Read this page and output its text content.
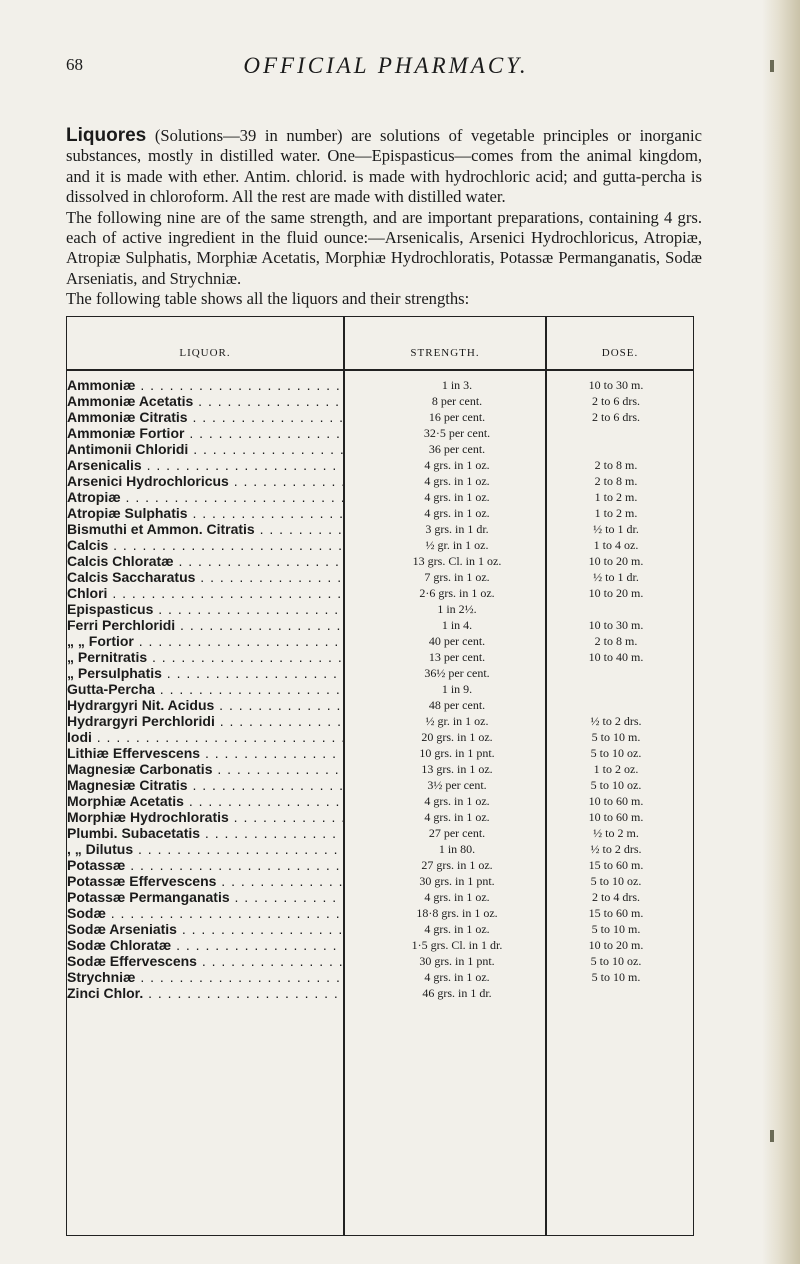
68	OFFICIAL PHARMACY.

Liquores (Solutions—39 in number) are solutions of vegetable principles or inorganic substances, mostly in distilled water. One—Epispasticus—comes from the animal kingdom, and it is made with ether. Antim. chlorid. is made with hydrochloric acid; and gutta-percha is dissolved in chloroform. All the rest are made with distilled water.

The following nine are of the same strength, and are important preparations, containing 4 grs. each of active ingredient in the fluid ounce:—Arsenicalis, Arsenici Hydrochloricus, Atropiæ, Atropiæ Sulphatis, Morphiæ Acetatis, Morphiæ Hydrochloratis, Potassæ Permanganatis, Sodæ Arseniatis, and Strychniæ.

The following table shows all the liquors and their strengths:

LIQUOR.	STRENGTH.	DOSE.
Ammoniæ . . .	1 in 3.	10 to 30 m.
Ammoniæ Acetatis . . .	8 per cent.	2 to 6 drs.
Ammoniæ Citratis . . .	16 per cent.	2 to 6 drs.
Ammoniæ Fortior . . .	32·5 per cent.
Antimonii Chloridi . . .	36 per cent.
Arsenicalis . . .	4 grs. in 1 oz.	2 to 8 m.
Arsenici Hydrochloricus . . .	4 grs. in 1 oz.	2 to 8 m.
Atropiæ . . .	4 grs. in 1 oz.	1 to 2 m.
Atropiæ Sulphatis . . .	4 grs. in 1 oz.	1 to 2 m.
Bismuthi et Ammon. Citratis . . .	3 grs. in 1 dr.	½ to 1 dr.
Calcis . . .	½ gr. in 1 oz.	1 to 4 oz.
Calcis Chloratæ . . .	13 grs. Cl. in 1 oz.	10 to 20 m.
Calcis Saccharatus . . .	7 grs. in 1 oz.	½ to 1 dr.
Chlori . . .	2·6 grs. in 1 oz.	10 to 20 m.
Epispasticus . . .	1 in 2½.
Ferri Perchloridi . . .	1 in 4.	10 to 30 m.
„ „ Fortior . . .	40 per cent.	2 to 8 m.
„ Pernitratis . . .	13 per cent.	10 to 40 m.
„ Persulphatis . . .	36½ per cent.
Gutta-Percha . . .	1 in 9.
Hydrargyri Nit. Acidus . . .	48 per cent.
Hydrargyri Perchloridi . . .	½ gr. in 1 oz.	½ to 2 drs.
Iodi . . .	20 grs. in 1 oz.	5 to 10 m.
Lithiæ Effervescens . . .	10 grs. in 1 pnt.	5 to 10 oz.
Magnesiæ Carbonatis . . .	13 grs. in 1 oz.	1 to 2 oz.
Magnesiæ Citratis . . .	3½ per cent.	5 to 10 oz.
Morphiæ Acetatis . . .	4 grs. in 1 oz.	10 to 60 m.
Morphiæ Hydrochloratis . . .	4 grs. in 1 oz.	10 to 60 m.
Plumbi. Subacetatis . . .	27 per cent.	½ to 2 m.
, „ Dilutus . . .	1 in 80.	½ to 2 drs.
Potassæ . . .	27 grs. in 1 oz.	15 to 60 m.
Potassæ Effervescens . . .	30 grs. in 1 pnt.	5 to 10 oz.
Potassæ Permanganatis . . .	4 grs. in 1 oz.	2 to 4 drs.
Sodæ . . .	18·8 grs. in 1 oz.	15 to 60 m.
Sodæ Arseniatis . . .	4 grs. in 1 oz.	5 to 10 m.
Sodæ Chloratæ . . .	1·5 grs. Cl. in 1 dr.	10 to 20 m.
Sodæ Effervescens . . .	30 grs. in 1 pnt.	5 to 10 oz.
Strychniæ . . .	4 grs. in 1 oz.	5 to 10 m.
Zinci Chlor. . . .	46 grs. in 1 dr.
